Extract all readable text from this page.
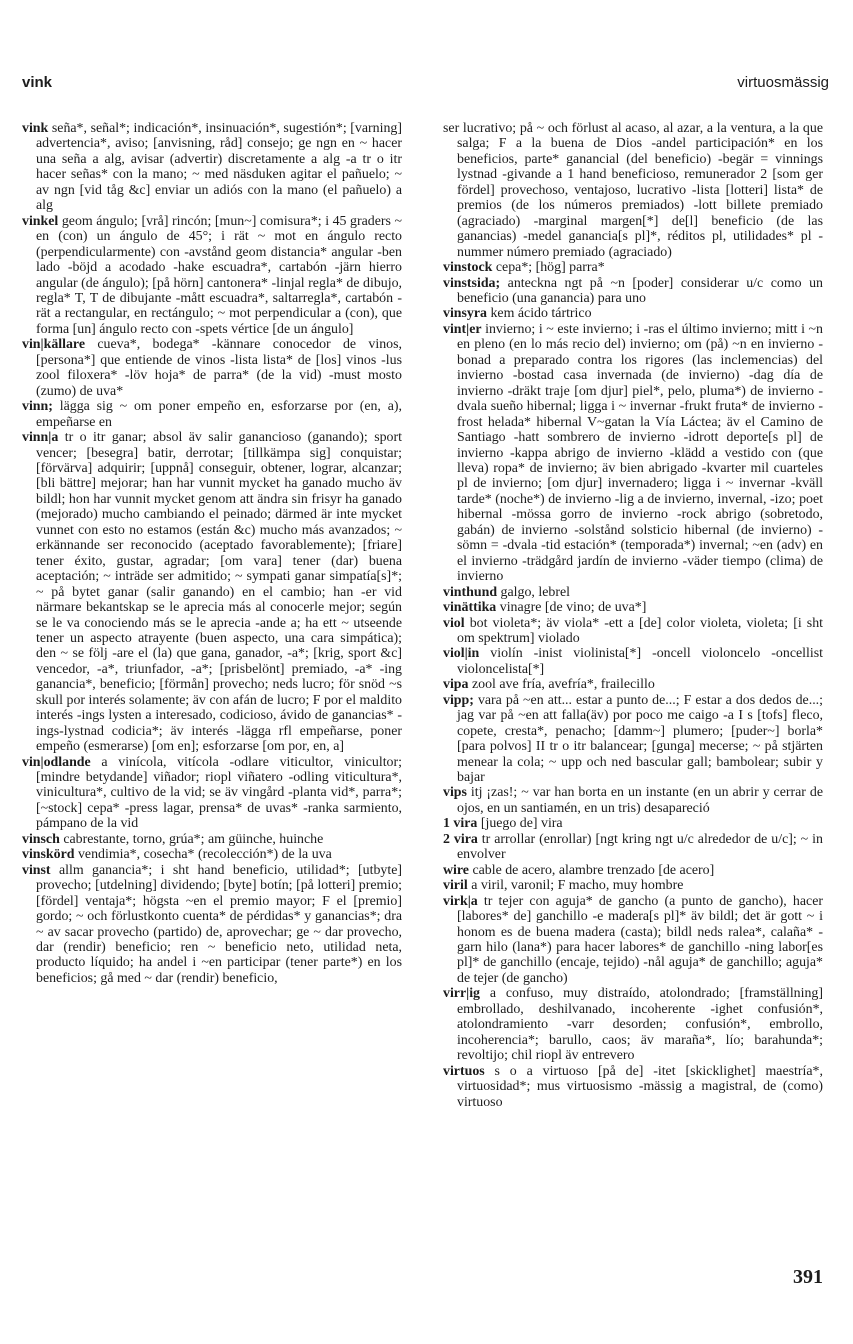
vink	virtuosmässig
vink seña*, señal*; indicación*, insinuación*, sugestión*; [varning] advertencia*, aviso; [anvisning, råd] consejo; ge ngn en ~ hacer una seña a alg, avisar (advertir) discretamente a alg -a tr o itr hacer señas* con la mano; ~ med näsduken agitar el pañuelo; ~ av ngn [vid tåg &c] enviar un adiós con la mano (el pañuelo) a alg
vinkel geom ángulo; [vrå] rincón; [mun~] comisura*; i 45 graders ~ en (con) un ángulo de 45°; i rät ~ mot en ángulo recto (perpendicularmente) con -avstånd geom distancia* angular -ben lado -böjd a acodado -hake escuadra*, cartabón -järn hierro angular (de ángulo); [på hörn] cantonera* -linjal regla* de dibujo, regla* T, T de dibujante -mått escuadra*, saltarregla*, cartabón -rät a rectangular, en rectángulo; ~ mot perpendicular a (con), que forma [un] ángulo recto con -spets vértice [de un ángulo]
vin|källare cueva*, bodega* -kännare conocedor de vinos, [persona*] que entiende de vinos -lista lista* de [los] vinos -lus zool filoxera* -löv hoja* de parra* (de la vid) -must mosto (zumo) de uva*
vinn; lägga sig ~ om poner empeño en, esforzarse por (en, a), empeñarse en
vinn|a tr o itr ganar; absol äv salir ganancioso (ganando); sport vencer; [besegra] batir, derrotar; [tillkämpa sig] conquistar; [förvärva] adquirir; [uppnå] conseguir, obtener, lograr, alcanzar; [bli bättre] mejorar; han har vunnit mycket ha ganado mucho äv bildl; hon har vunnit mycket genom att ändra sin frisyr ha ganado (mejorado) mucho cambiando el peinado; därmed är inte mycket vunnet con esto no estamos (están &c) mucho más avanzados; ~ erkännande ser reconocido (aceptado favorablemente); [friare] tener éxito, gustar, agradar; [om vara] tener (dar) buena aceptación; ~ inträde ser admitido; ~ sympati ganar simpatía[s]*; ~ på bytet ganar (salir ganando) en el cambio; han -er vid närmare bekantskap se le aprecia más al conocerle mejor; según se le va conociendo más se le aprecia -ande a; ha ett ~ utseende tener un aspecto atrayente (buen aspecto, una cara simpática); den ~ se följ -are el (la) que gana, ganador, -a*; [krig, sport &c] vencedor, -a*, triunfador, -a*; [prisbelönt] premiado, -a* -ing ganancia*, beneficio; [förmån] provecho; neds lucro; för snöd ~s skull por interés solamente; äv con afán de lucro; F por el maldito interés -ings lysten a interesado, codicioso, ávido de ganancias* -ings-lystnad codicia*; äv interés -lägga rfl empeñarse, poner empeño (esmerarse) [om en]; esforzarse [om por, en, a]
vin|odlande a vinícola, vitícola -odlare viticultor, vinicultor; [mindre betydande] viñador; riopl viñatero -odling viticultura*, vinicultura*, cultivo de la vid; se äv vingård -planta vid*, parra*; [~stock] cepa* -press lagar, prensa* de uvas* -ranka sarmiento, pámpano de la vid
vinsch cabrestante, torno, grúa*; am güinche, huinche
vinskörd vendimia*, cosecha* (recolección*) de la uva
vinst allm ganancia*; i sht hand beneficio, utilidad*; [utbyte] provecho; [utdelning] dividendo; [byte] botín; [på lotteri] premio; [fördel] ventaja*; högsta ~en el premio mayor; F el [premio] gordo; ~ och förlustkonto cuenta* de pérdidas* y ganancias*; dra ~ av sacar provecho (partido) de, aprovechar; ge ~ dar provecho, dar (rendir) beneficio; ren ~ beneficio neto, utilidad neta, producto líquido; ha andel i ~en participar (tener parte*) en los beneficios; gå med ~ dar (rendir) beneficio,
ser lucrativo; på ~ och förlust al acaso, al azar, a la ventura, a la que salga; F a la buena de Dios -andel participación* en los beneficios, parte* ganancial (del beneficio) -begär = vinnings lystnad -givande a 1 hand beneficioso, remunerador 2 [som ger fördel] provechoso, ventajoso, lucrativo -lista [lotteri] lista* de premios (de los números premiados) -lott billete premiado (agraciado) -marginal margen[*] de[l] beneficio (de las ganancias) -medel ganancia[s pl]*, réditos pl, utilidades* pl -nummer número premiado (agraciado)
vinstock cepa*; [hög] parra*
vinstsida; anteckna ngt på ~n [poder] considerar u/c como un beneficio (una ganancia) para uno
vinsyra kem ácido tártrico
vint|er invierno; i ~ este invierno; i -ras el último invierno; mitt i ~n en pleno (en lo más recio del) invierno; om (på) ~n en invierno -bonad a preparado contra los rigores (las inclemencias) del invierno -bostad casa invernada (de invierno) -dag día de invierno -dräkt traje [om djur] piel*, pelo, pluma*) de invierno -dvala sueño hibernal; ligga i ~ invernar -frukt fruta* de invierno -frost helada* hibernal V~gatan la Vía Láctea; äv el Camino de Santiago -hatt sombrero de invierno -idrott deporte[s pl] de invierno -kappa abrigo de invierno -klädd a vestido con (que lleva) ropa* de invierno; äv bien abrigado -kvarter mil cuarteles pl de invierno; [om djur] invernadero; ligga i ~ invernar -kväll tarde* (noche*) de invierno -lig a de invierno, invernal, -izo; poet hibernal -mössa gorro de invierno -rock abrigo (sobretodo, gabán) de invierno -solstånd solsticio hibernal (de invierno) -sömn = -dvala -tid estación* (temporada*) invernal; ~en (adv) en el invierno -trädgård jardín de invierno -väder tiempo (clima) de invierno
vinthund galgo, lebrel
vinättika vinagre [de vino; de uva*]
viol bot violeta*; äv viola* -ett a [de] color violeta, violeta; [i sht om spektrum] violado
viol|in violín -inist violinista[*] -oncell violoncelo -oncellist violoncelista[*]
vipa zool ave fría, avefría*, frailecillo
vipp; vara på ~en att... estar a punto de...; F estar a dos dedos de...; jag var på ~en att falla(äv) por poco me caigo -a I s [tofs] fleco, copete, cresta*, penacho; [damm~] plumero; [puder~] borla* [para polvos] II tr o itr balancear; [gunga] mecerse; ~ på stjärten menear la cola; ~ upp och ned bascular gall; bambolear; subir y bajar
vips itj ¡zas!; ~ var han borta en un instante (en un abrir y cerrar de ojos, en un santiamén, en un tris) desapareció
1 vira [juego de] vira
2 vira tr arrollar (enrollar) [ngt kring ngt u/c alrededor de u/c]; ~ in envolver
wire cable de acero, alambre trenzado [de acero]
viril a viril, varonil; F macho, muy hombre
virk|a tr tejer con aguja* de gancho (a punto de gancho), hacer [labores* de] ganchillo -e madera[s pl]* äv bildl; det är gott ~ i honom es de buena madera (casta); bildl neds ralea*, calaña* -garn hilo (lana*) para hacer labores* de ganchillo -ning labor[es pl]* de ganchillo (encaje, tejido) -nål aguja* de ganchillo; aguja* de tejer (de gancho)
virr|ig a confuso, muy distraído, atolondrado; [framställning] embrollado, deshilvanado, incoherente -ighet confusión*, atolondramiento -varr desorden; confusión*, embrollo, incoherencia*; barullo, caos; äv maraña*, lío; barahunda*; revoltijo; chil riopl äv entrevero
virtuos s o a virtuoso [på de] -itet [skicklighet] maestría*, virtuosidad*; mus virtuosismo -mässig a magistral, de (como) virtuoso
391
